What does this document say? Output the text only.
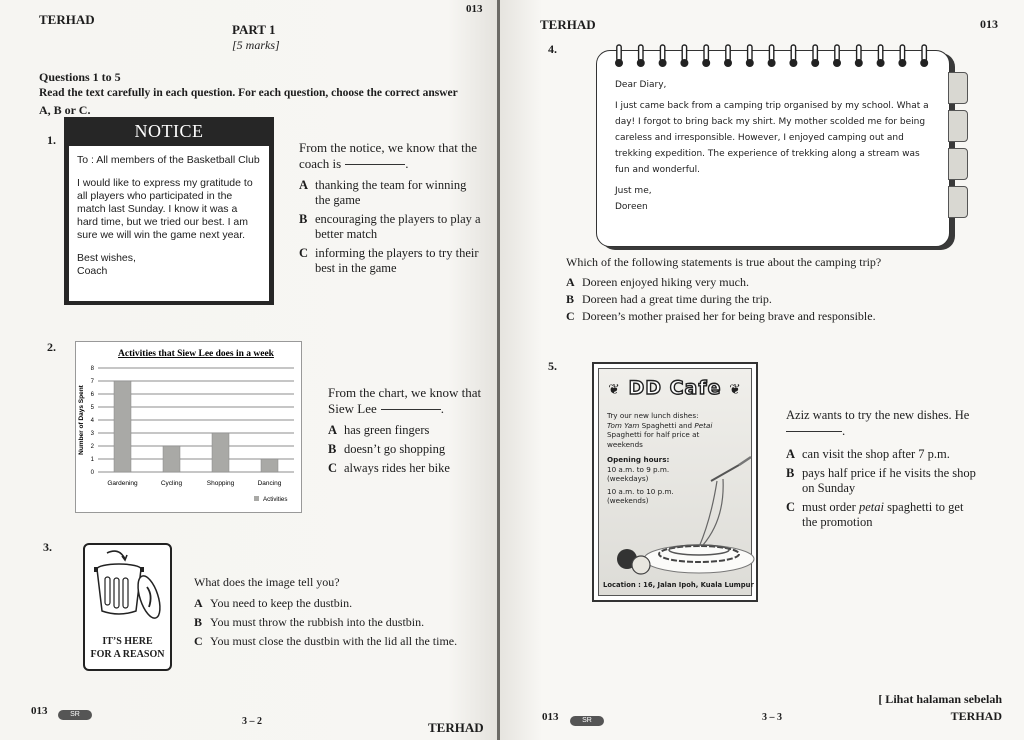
TERHAD
013
PART 1
[5 marks]
Questions 1 to 5
Read the text carefully in each question. For each question, choose the correct answer
A, B or C.
1.	NOTICE

To : All members of the Basketball Club

I would like to express my gratitude to all players who participated in the match last Sunday. I know it was a hard time, but we tried our best. I am sure we will win the game next year.

Best wishes,
Coach
From the notice, we know that the coach is	.
A thanking the team for winning the game
B encouraging the players to play a better match
C informing the players to try their best in the game
2.	Activities that Siew Lee does in a week
Number of Days Spent
0
1
2
3
4
5
6
7
8
Gardening	Cycling	Shopping	Dancing
Activities
From the chart, we know that
Siew Lee	.
A has green fingers
B doesn’t go shopping
C always rides her bike
3.
IT’S HERE
FOR A REASON
What does the image tell you?
A You need to keep the dustbin.
B You must throw the rubbish into the dustbin.
C You must close the dustbin with the lid all the time.
013	SR
3 – 2	TERHAD
TERHAD	013
4.

Dear Diary,

I just came back from a camping trip organised by my school. What a day! I forgot to bring back my shirt. My mother scolded me for being careless and irresponsible. However, I enjoyed camping out and trekking expedition. The experience of trekking along a stream was fun and wonderful.

Just me,
Doreen
Which of the following statements is true about the camping trip?
A Doreen enjoyed hiking very much.
B Doreen had a great time during the trip.
C Doreen’s mother praised her for being brave and responsible.
5.
❦ DD Cafe ❦
Try our new lunch dishes:
Tom Yam Spaghetti and Petai
Spaghetti for half price at
weekends
Opening hours:
10 a.m. to 9 p.m.
(weekdays)
10 a.m. to 10 p.m.
(weekends)
Location : 16, Jalan Ipoh, Kuala Lumpur
Aziz wants to try the new dishes. He
.
A can visit the shop after 7 p.m.
B pays half price if he visits the shop on Sunday
C must order petai spaghetti to get the promotion
013	SR	3 – 3
[ Lihat halaman sebelah
TERHAD
